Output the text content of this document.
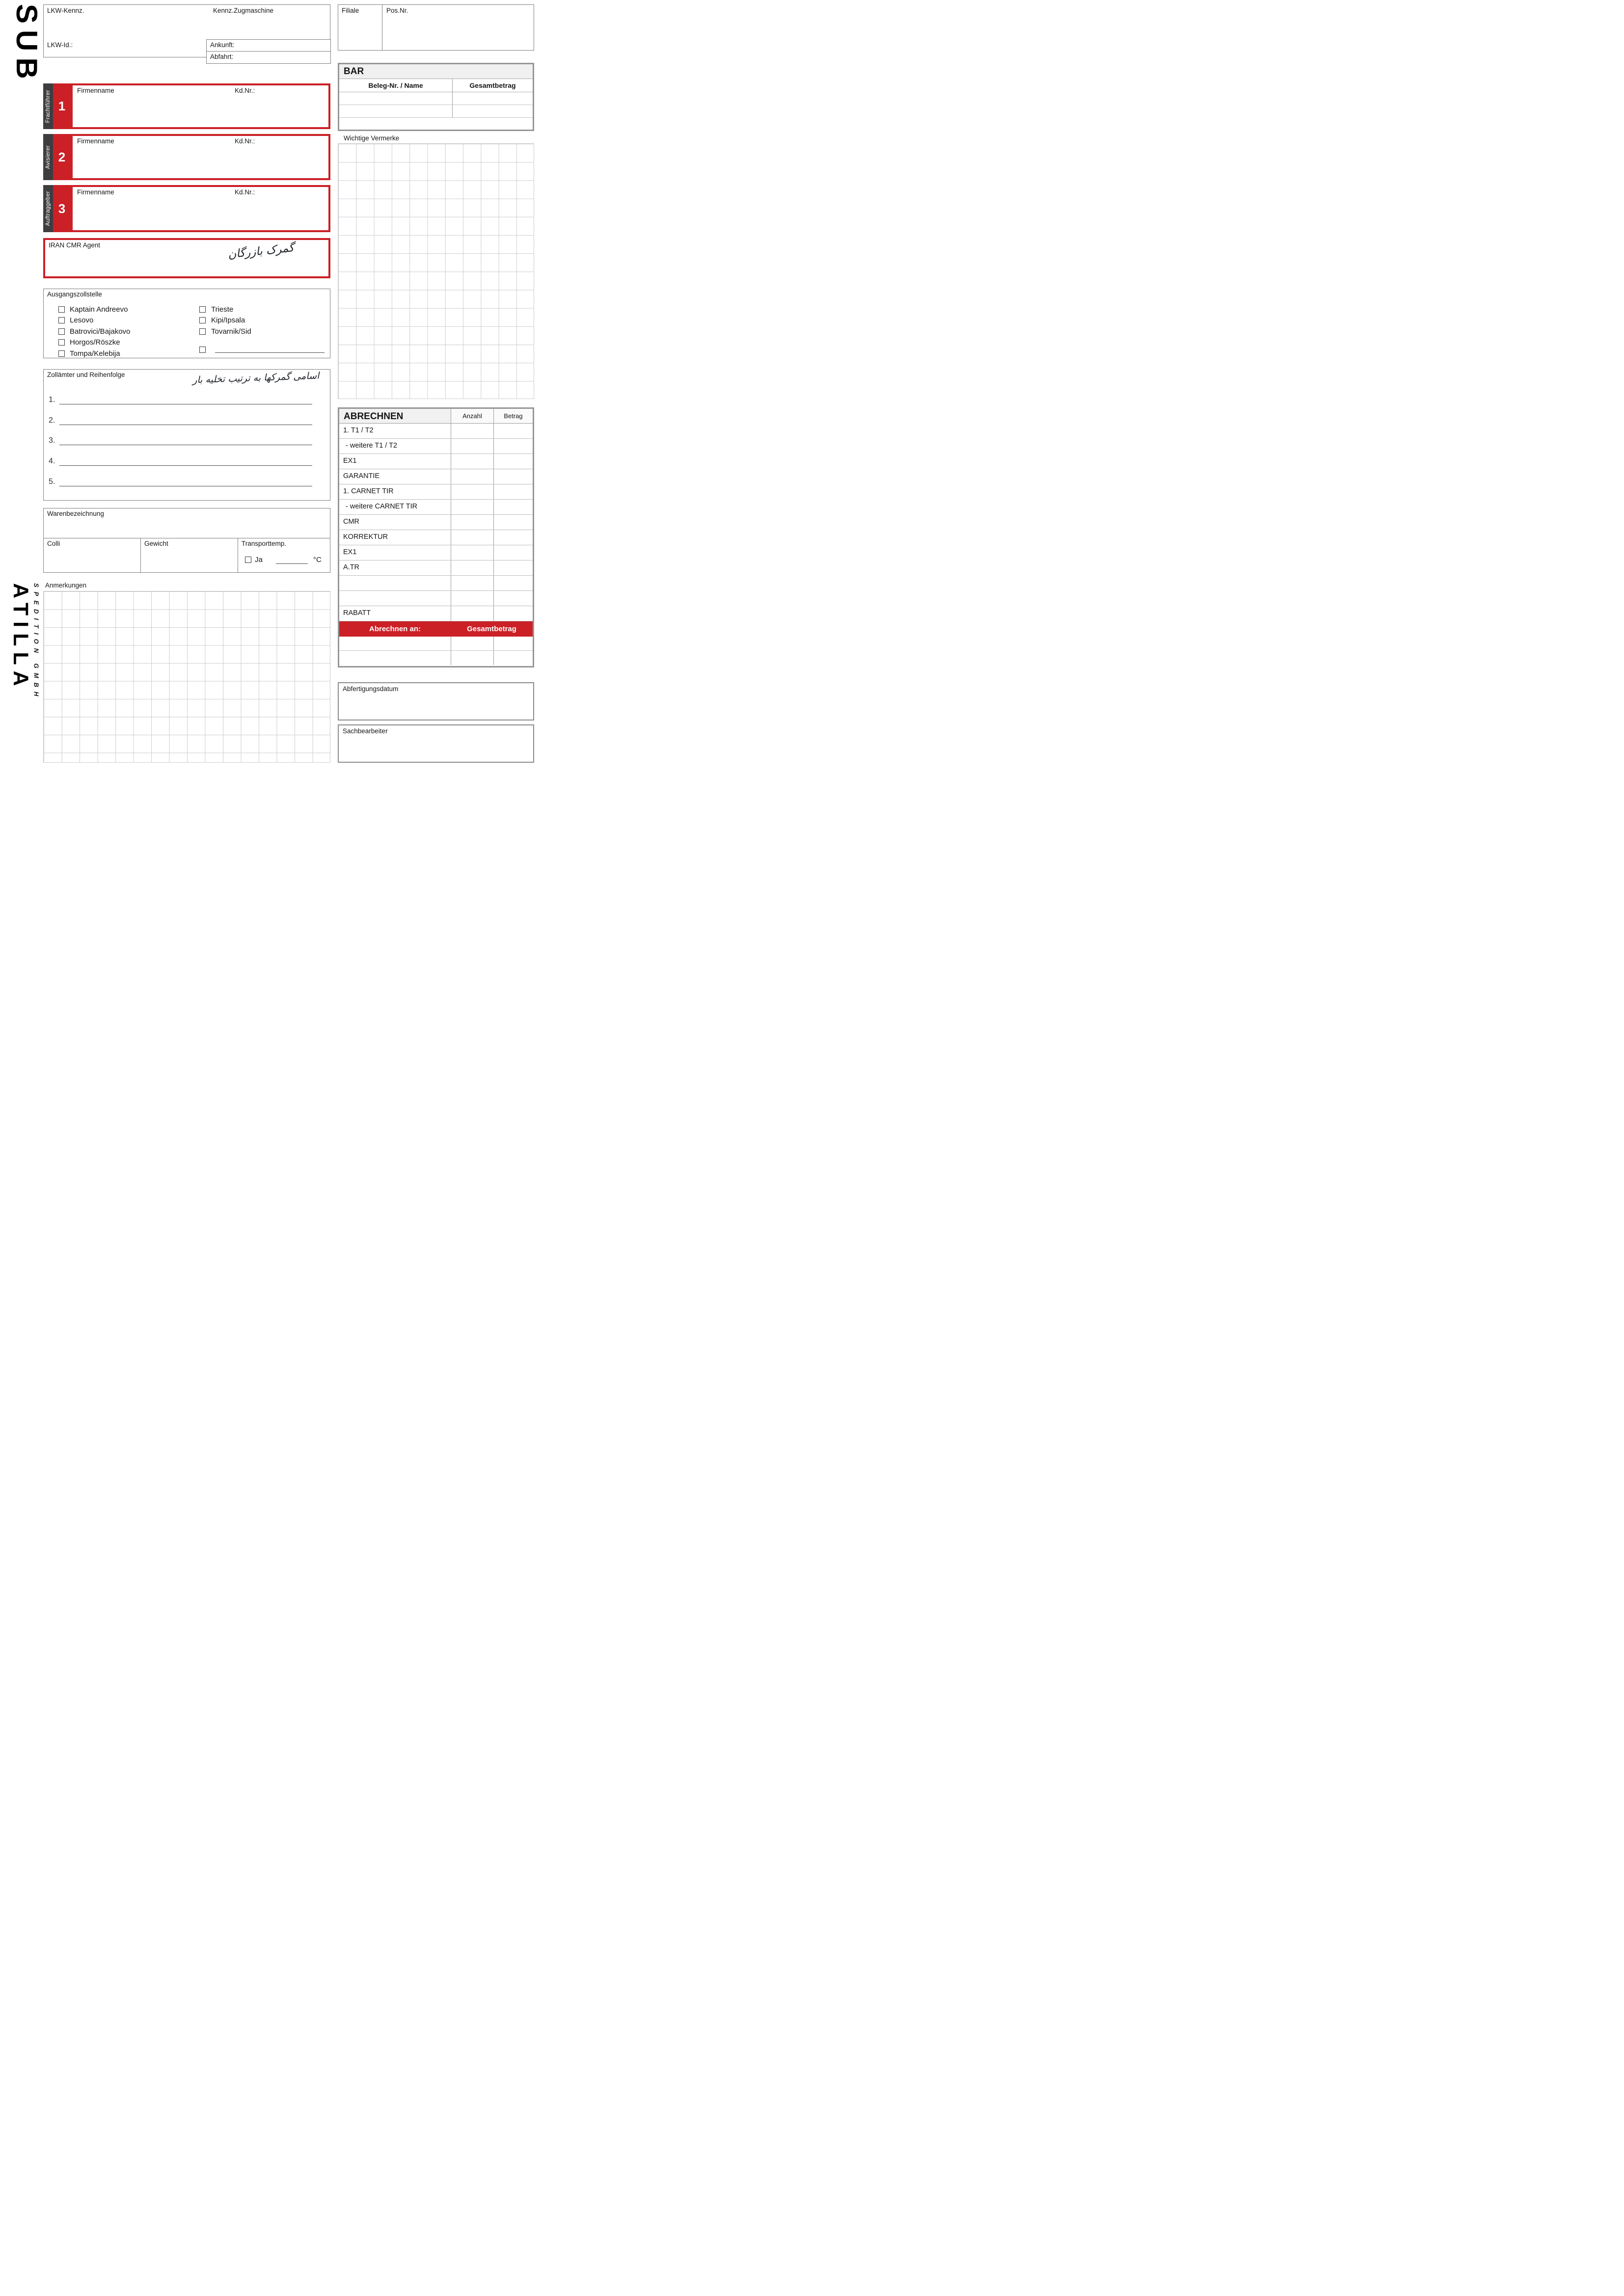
SUB
ATILLA SPEDITION GMBH
LKW-Kennz.	Kennz.Zugmaschine
LKW-Id.:	Ankunft:
Abfahrt:
Filiale	Pos.Nr.
BAR
Beleg-Nr. / Name	Gesamtbetrag
Wichtige Vermerke
Frachtführer 1
Firmenname	Kd.Nr.:
Avisierer 2
Firmenname	Kd.Nr.:
Auftraggeber 3
Firmenname	Kd.Nr.:
IRAN CMR Agent	گمرک بازرگان
Ausgangszollstelle
Kaptain Andreevo
Lesovo
Batrovici/Bajakovo
Horgos/Röszke
Tompa/Kelebija
Trieste
Kipi/Ipsala
Tovarnik/Sid
Zollämter und Reihenfolge	اسامی گمرکها به ترتیب تخلیه بار
1.
2.
3.
4.
5.
Warenbezeichnung
Colli	Gewicht	Transporttemp.
Ja	°C
Anmerkungen
ABRECHNEN	Anzahl	Betrag
1. T1 / T2
- weitere T1 / T2
EX1
GARANTIE
1. CARNET TIR
- weitere CARNET TIR
CMR
KORREKTUR
EX1
A.TR
RABATT
Abrechnen an:	Gesamtbetrag
Abfertigungsdatum
Sachbearbeiter
